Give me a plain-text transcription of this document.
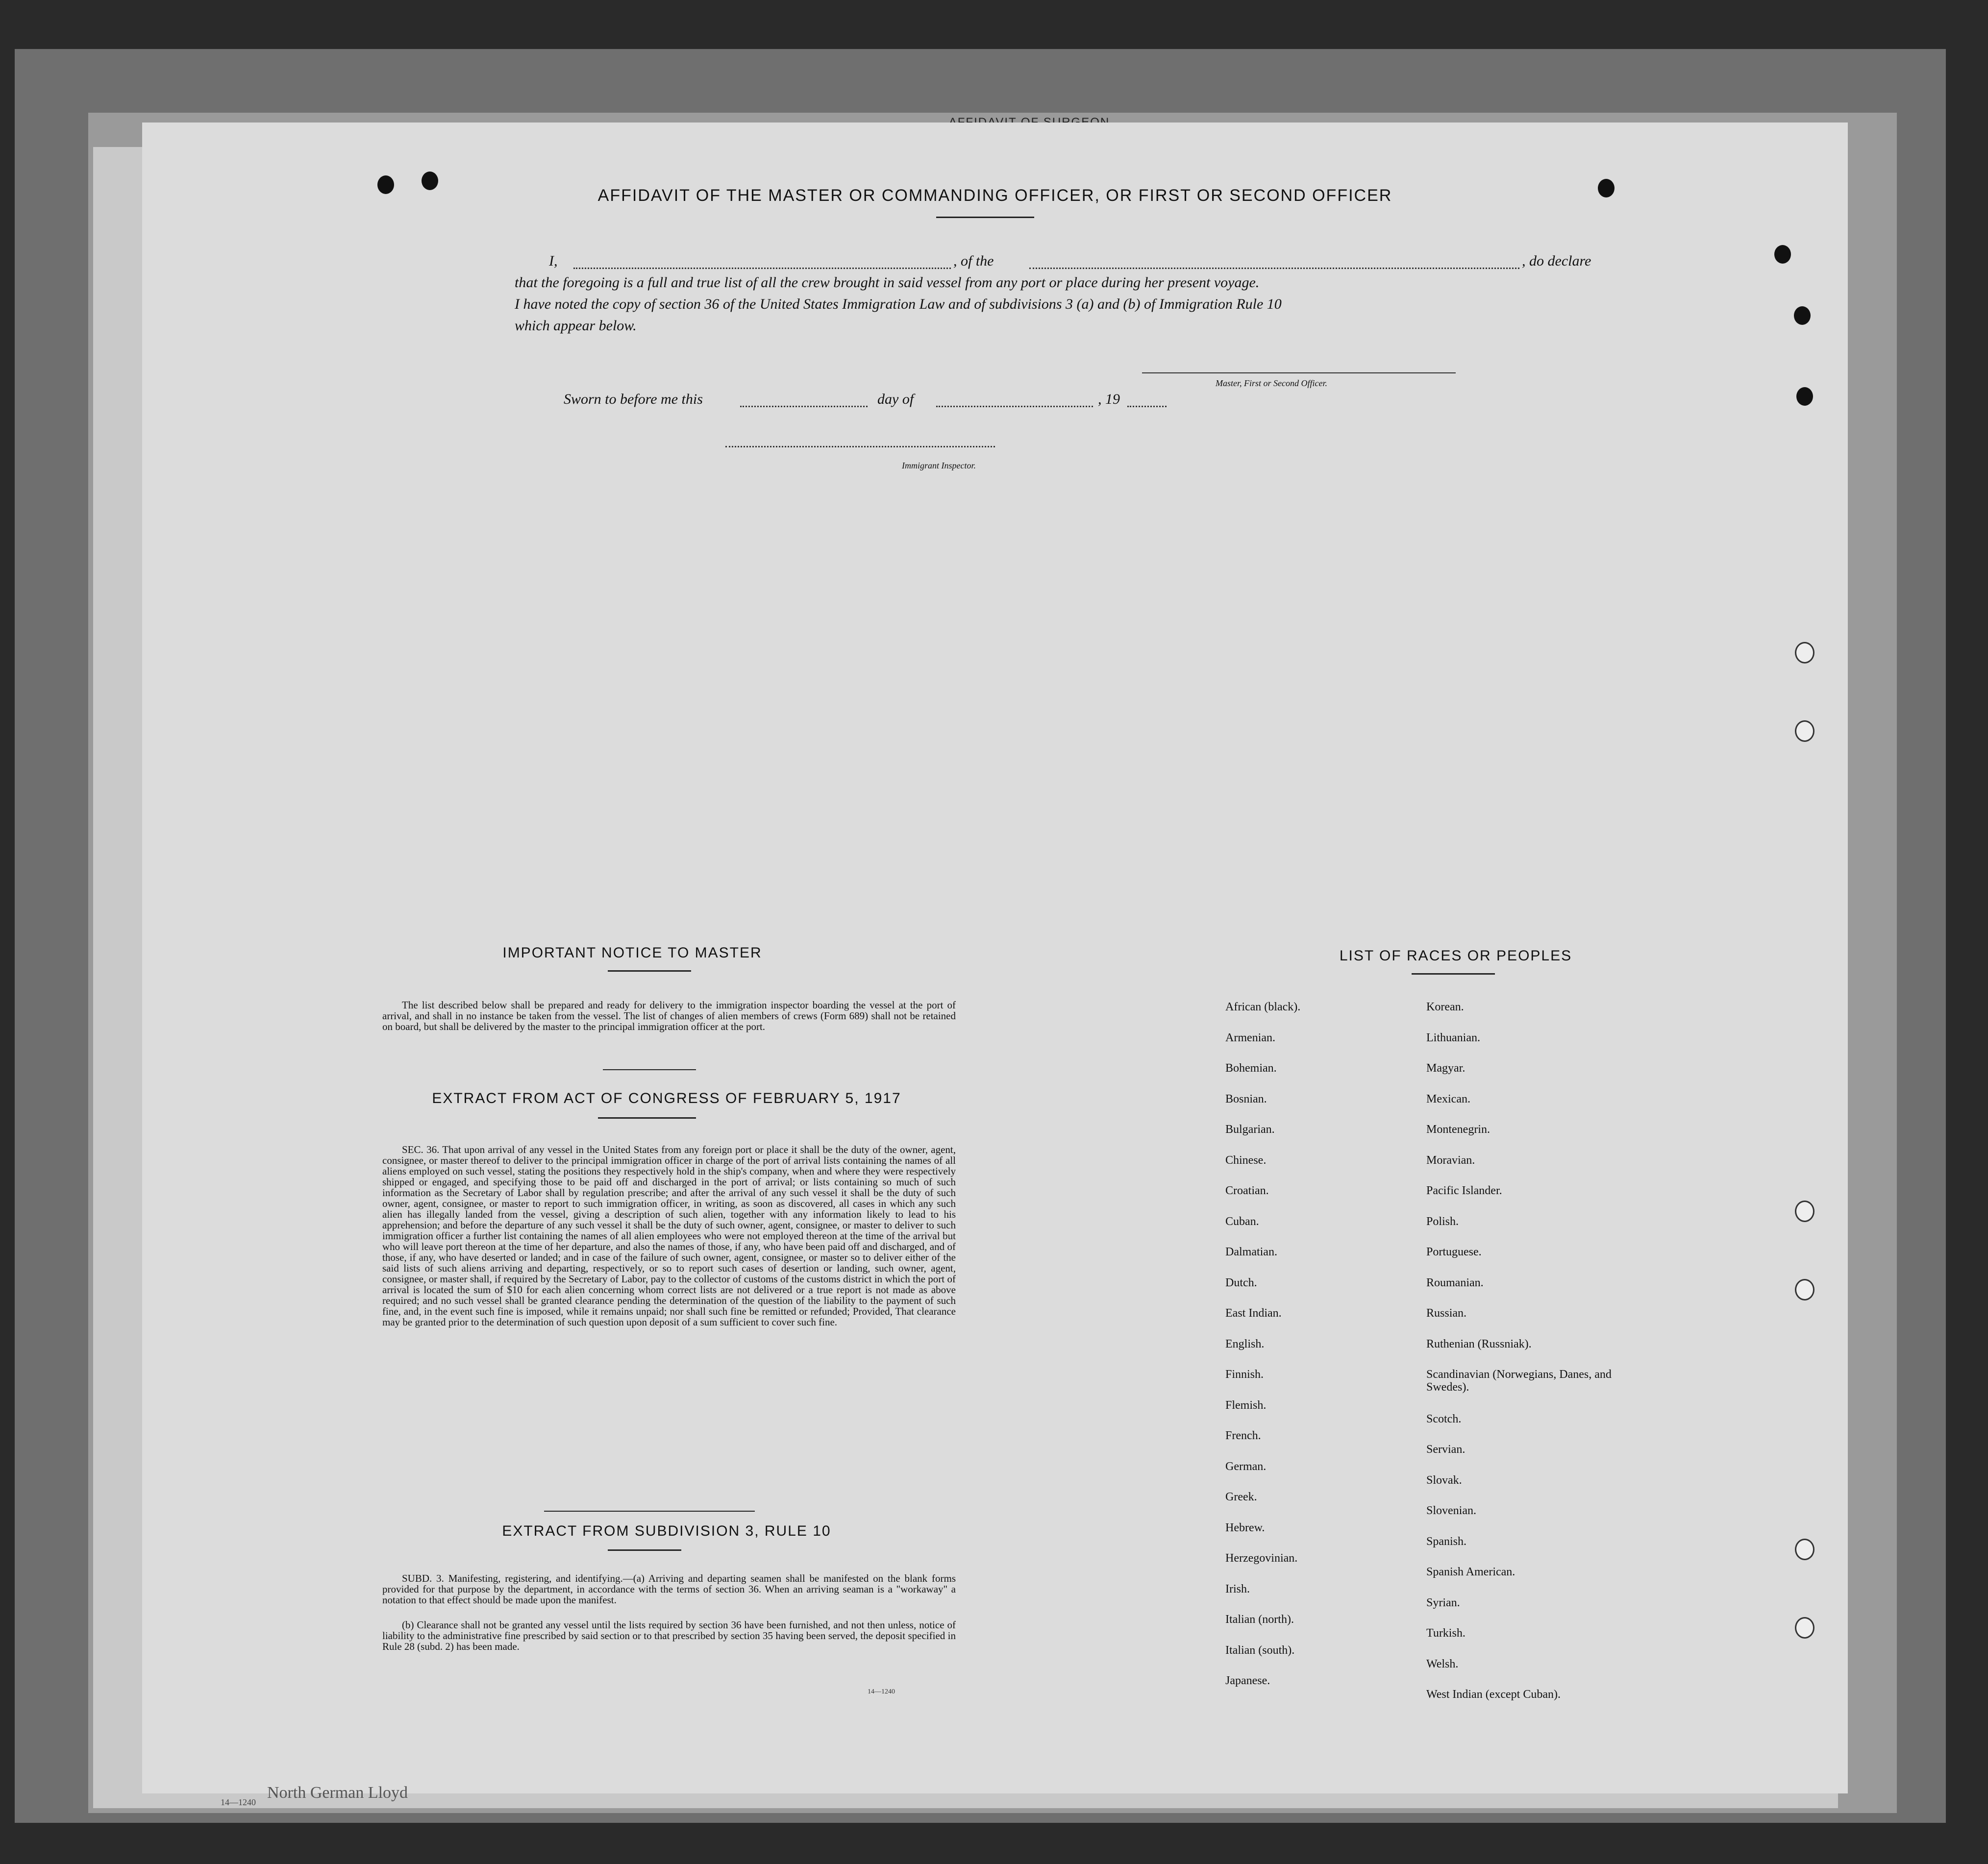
AFFIDAVIT OF THE MASTER OR COMMANDING OFFICER, OR FIRST OR SECOND OFFICER
I,	, of the	, do declare
that the foregoing is a full and true list of all the crew brought in said vessel from any port or place during her present voyage.
I have noted the copy of section 36 of the United States Immigration Law and of subdivisions 3 (a) and (b) of Immigration Rule 10
which appear below.
Master, First or Second Officer.
Sworn to before me this	day of	, 19
Immigrant Inspector.
IMPORTANT NOTICE TO MASTER
The list described below shall be prepared and ready for delivery to the immigration inspector boarding the vessel at the port of arrival, and shall in no instance be taken from the vessel. The list of changes of alien members of crews (Form 689) shall not be retained on board, but shall be delivered by the master to the principal immigration officer at the port.
EXTRACT FROM ACT OF CONGRESS OF FEBRUARY 5, 1917
SEC. 36. That upon arrival of any vessel in the United States from any foreign port or place it shall be the duty of the owner, agent, consignee, or master thereof to deliver to the principal immigration officer in charge of the port of arrival lists containing the names of all aliens employed on such vessel, stating the positions they respectively hold in the ship's company, when and where they were respectively shipped or engaged, and specifying those to be paid off and discharged in the port of arrival; or lists containing so much of such information as the Secretary of Labor shall by regulation prescribe; and after the arrival of any such vessel it shall be the duty of such owner, agent, consignee, or master to report to such immigration officer, in writing, as soon as discovered, all cases in which any such alien has illegally landed from the vessel, giving a description of such alien, together with any information likely to lead to his apprehension; and before the departure of any such vessel it shall be the duty of such owner, agent, consignee, or master to deliver to such immigration officer a further list containing the names of all alien employees who were not employed thereon at the time of the arrival but who will leave port thereon at the time of her departure, and also the names of those, if any, who have been paid off and discharged, and of those, if any, who have deserted or landed; and in case of the failure of such owner, agent, consignee, or master so to deliver either of the said lists of such aliens arriving and departing, respectively, or so to report such cases of desertion or landing, such owner, agent, consignee, or master shall, if required by the Secretary of Labor, pay to the collector of customs of the customs district in which the port of arrival is located the sum of $10 for each alien concerning whom correct lists are not delivered or a true report is not made as above required; and no such vessel shall be granted clearance pending the determination of the question of the liability to the payment of such fine, and, in the event such fine is imposed, while it remains unpaid; nor shall such fine be remitted or refunded; Provided, That clearance may be granted prior to the determination of such question upon deposit of a sum sufficient to cover such fine.
EXTRACT FROM SUBDIVISION 3, RULE 10
SUBD. 3. Manifesting, registering, and identifying.—(a) Arriving and departing seamen shall be manifested on the blank forms provided for that purpose by the department, in accordance with the terms of section 36. When an arriving seaman is a "workaway" a notation to that effect should be made upon the manifest.
(b) Clearance shall not be granted any vessel until the lists required by section 36 have been furnished, and not then unless, notice of liability to the administrative fine prescribed by said section or to that prescribed by section 35 having been served, the deposit specified in Rule 28 (subd. 2) has been made.
14—1240
LIST OF RACES OR PEOPLES
African (black).
Armenian.
Bohemian.
Bosnian.
Bulgarian.
Chinese.
Croatian.
Cuban.
Dalmatian.
Dutch.
East Indian.
English.
Finnish.
Flemish.
French.
German.
Greek.
Hebrew.
Herzegovinian.
Irish.
Italian (north).
Italian (south).
Japanese.
Korean.
Lithuanian.
Magyar.
Mexican.
Montenegrin.
Moravian.
Pacific Islander.
Polish.
Portuguese.
Roumanian.
Russian.
Ruthenian (Russniak).
Scandinavian (Norwegians, Danes, and Swedes).
Scotch.
Servian.
Slovak.
Slovenian.
Spanish.
Spanish American.
Syrian.
Turkish.
Welsh.
West Indian (except Cuban).
14—1240
North German Lloyd
